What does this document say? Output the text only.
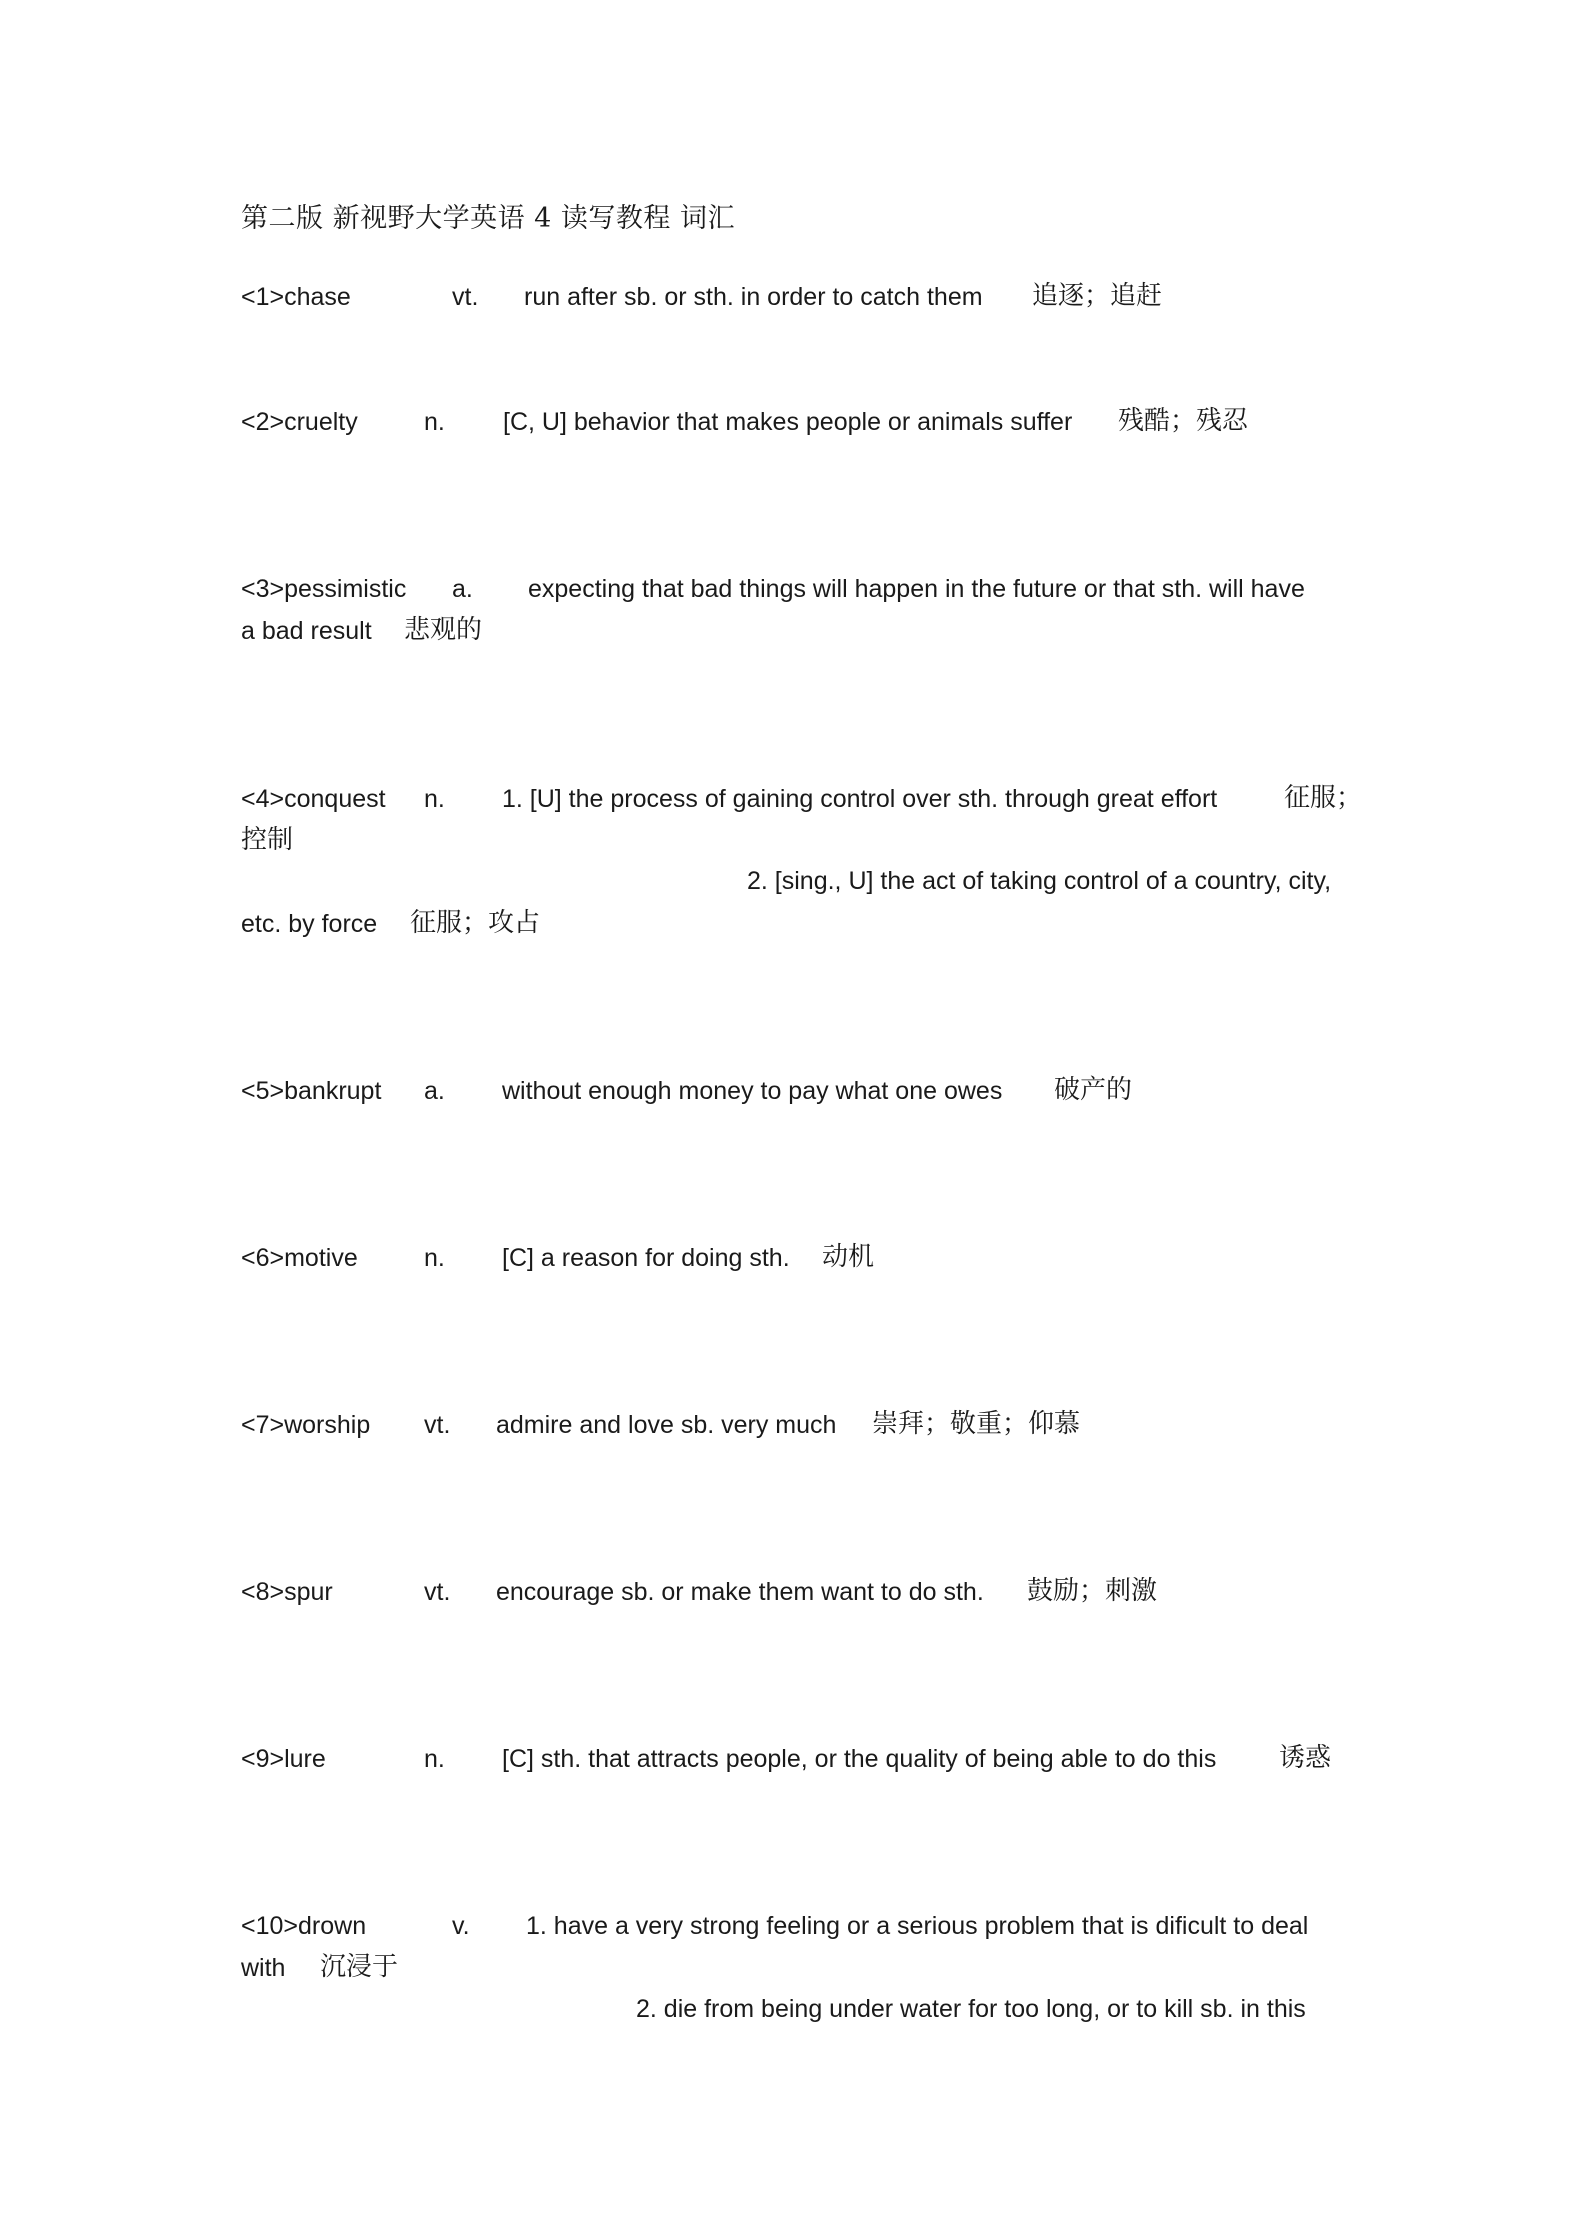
第二版 新视野大学英语 4 读写教程 词汇
<1>chase	vt. run after sb. or sth. in order to catch them 追逐；追赶
<2>cruelty	n. [C, U] behavior that makes people or animals suffer 残酷；残忍
<3>pessimistic a. expecting that bad things will happen in the future or that sth. will have
a bad result 悲观的
<4>conquest n. 1. [U] the process of gaining control over sth. through great effort	征服；
控制
2. [sing., U] the act of taking control of a country, city,
etc. by force 征服；攻占
<5>bankrupt a. without enough money to pay what one owes 破产的
<6>motive	n. [C] a reason for doing sth. 动机
<7>worship vt. admire and love sb. very much 崇拜；敬重；仰慕
<8>spur	vt. encourage sb. or make them want to do sth. 鼓励；刺激
<9>lure	n. [C] sth. that attracts people, or the quality of being able to do this 诱惑
<10>drown	v. 1. have a very strong feeling or a serious problem that is dificult to deal
with 沉浸于
2. die from being under water for too long, or to kill sb. in this
